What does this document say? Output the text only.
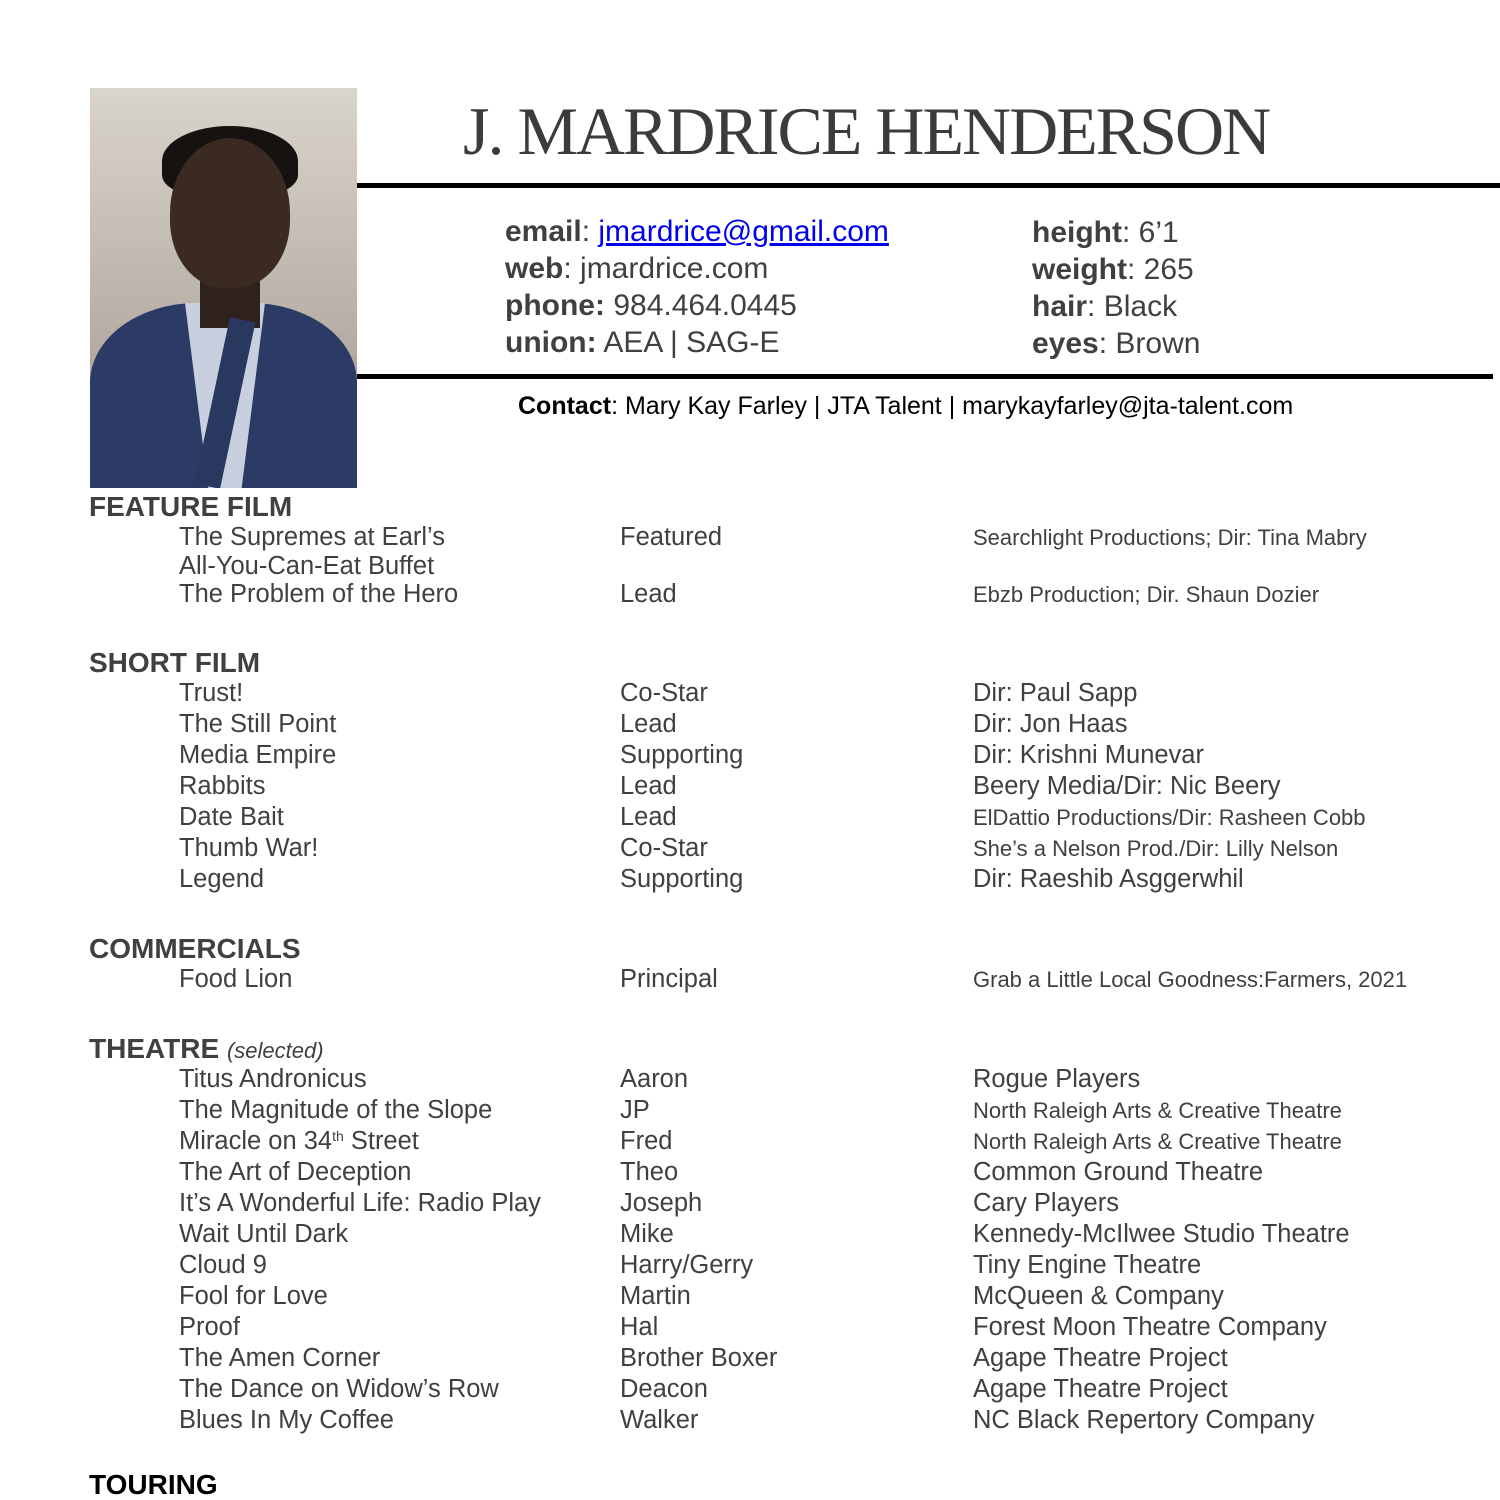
J. MARDRICE HENDERSON
email: jmardrice@gmail.com
web: jmardrice.com
phone: 984.464.0445
union: AEA | SAG-E
height: 6’1
weight: 265
hair: Black
eyes: Brown
Contact: Mary Kay Farley | JTA Talent | marykayfarley@jta-talent.com
FEATURE FILM
The Supremes at Earl’s
All-You-Can-Eat Buffet
Featured	Searchlight Productions; Dir: Tina Mabry
The Problem of the Hero	Lead	Ebzb Production; Dir. Shaun Dozier
SHORT FILM
Trust!	Co-Star	Dir: Paul Sapp
The Still Point	Lead	Dir: Jon Haas
Media Empire	Supporting	Dir: Krishni Munevar
Rabbits	Lead	Beery Media/Dir: Nic Beery
Date Bait	Lead	ElDattio Productions/Dir: Rasheen Cobb
Thumb War!	Co-Star	She’s a Nelson Prod./Dir: Lilly Nelson
Legend	Supporting	Dir: Raeshib Asggerwhil
COMMERCIALS
Food Lion	Principal	Grab a Little Local Goodness:Farmers, 2021
THEATRE (selected)
Titus Andronicus	Aaron	Rogue Players
The Magnitude of the Slope	JP	North Raleigh Arts & Creative Theatre
Miracle on 34th Street	Fred	North Raleigh Arts & Creative Theatre
The Art of Deception	Theo	Common Ground Theatre
It’s A Wonderful Life: Radio Play	Joseph	Cary Players
Wait Until Dark	Mike	Kennedy-McIlwee Studio Theatre
Cloud 9	Harry/Gerry	Tiny Engine Theatre
Fool for Love	Martin	McQueen & Company
Proof	Hal	Forest Moon Theatre Company
The Amen Corner	Brother Boxer	Agape Theatre Project
The Dance on Widow’s Row	Deacon	Agape Theatre Project
Blues In My Coffee	Walker	NC Black Repertory Company
TOURING
